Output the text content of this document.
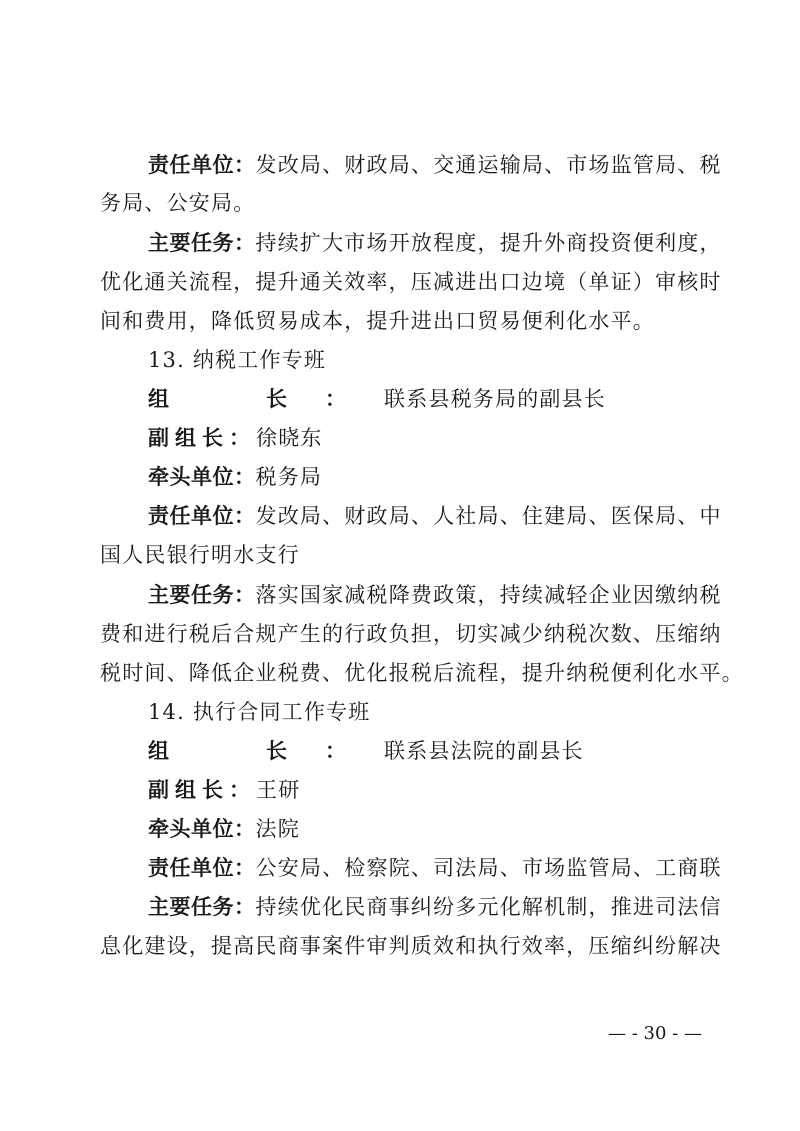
责任单位：发改局、财政局、交通运输局、市场监管局、税
务局、公安局。
主要任务：持续扩大市场开放程度，提升外商投资便利度，
优化通关流程，提升通关效率，压减进出口边境（单证）审核时
间和费用，降低贸易成本，提升进出口贸易便利化水平。
13. 纳税工作专班
组　长：联系县税务局的副县长
副组长：徐晓东
牵头单位：税务局
责任单位：发改局、财政局、人社局、住建局、医保局、中
国人民银行明水支行
主要任务：落实国家减税降费政策，持续减轻企业因缴纳税
费和进行税后合规产生的行政负担，切实减少纳税次数、压缩纳
税时间、降低企业税费、优化报税后流程，提升纳税便利化水平。
14. 执行合同工作专班
组　长：联系县法院的副县长
副组长：王研
牵头单位：法院
责任单位：公安局、检察院、司法局、市场监管局、工商联
主要任务：持续优化民商事纠纷多元化解机制，推进司法信
息化建设，提高民商事案件审判质效和执行效率，压缩纠纷解决
— - 30 - —
